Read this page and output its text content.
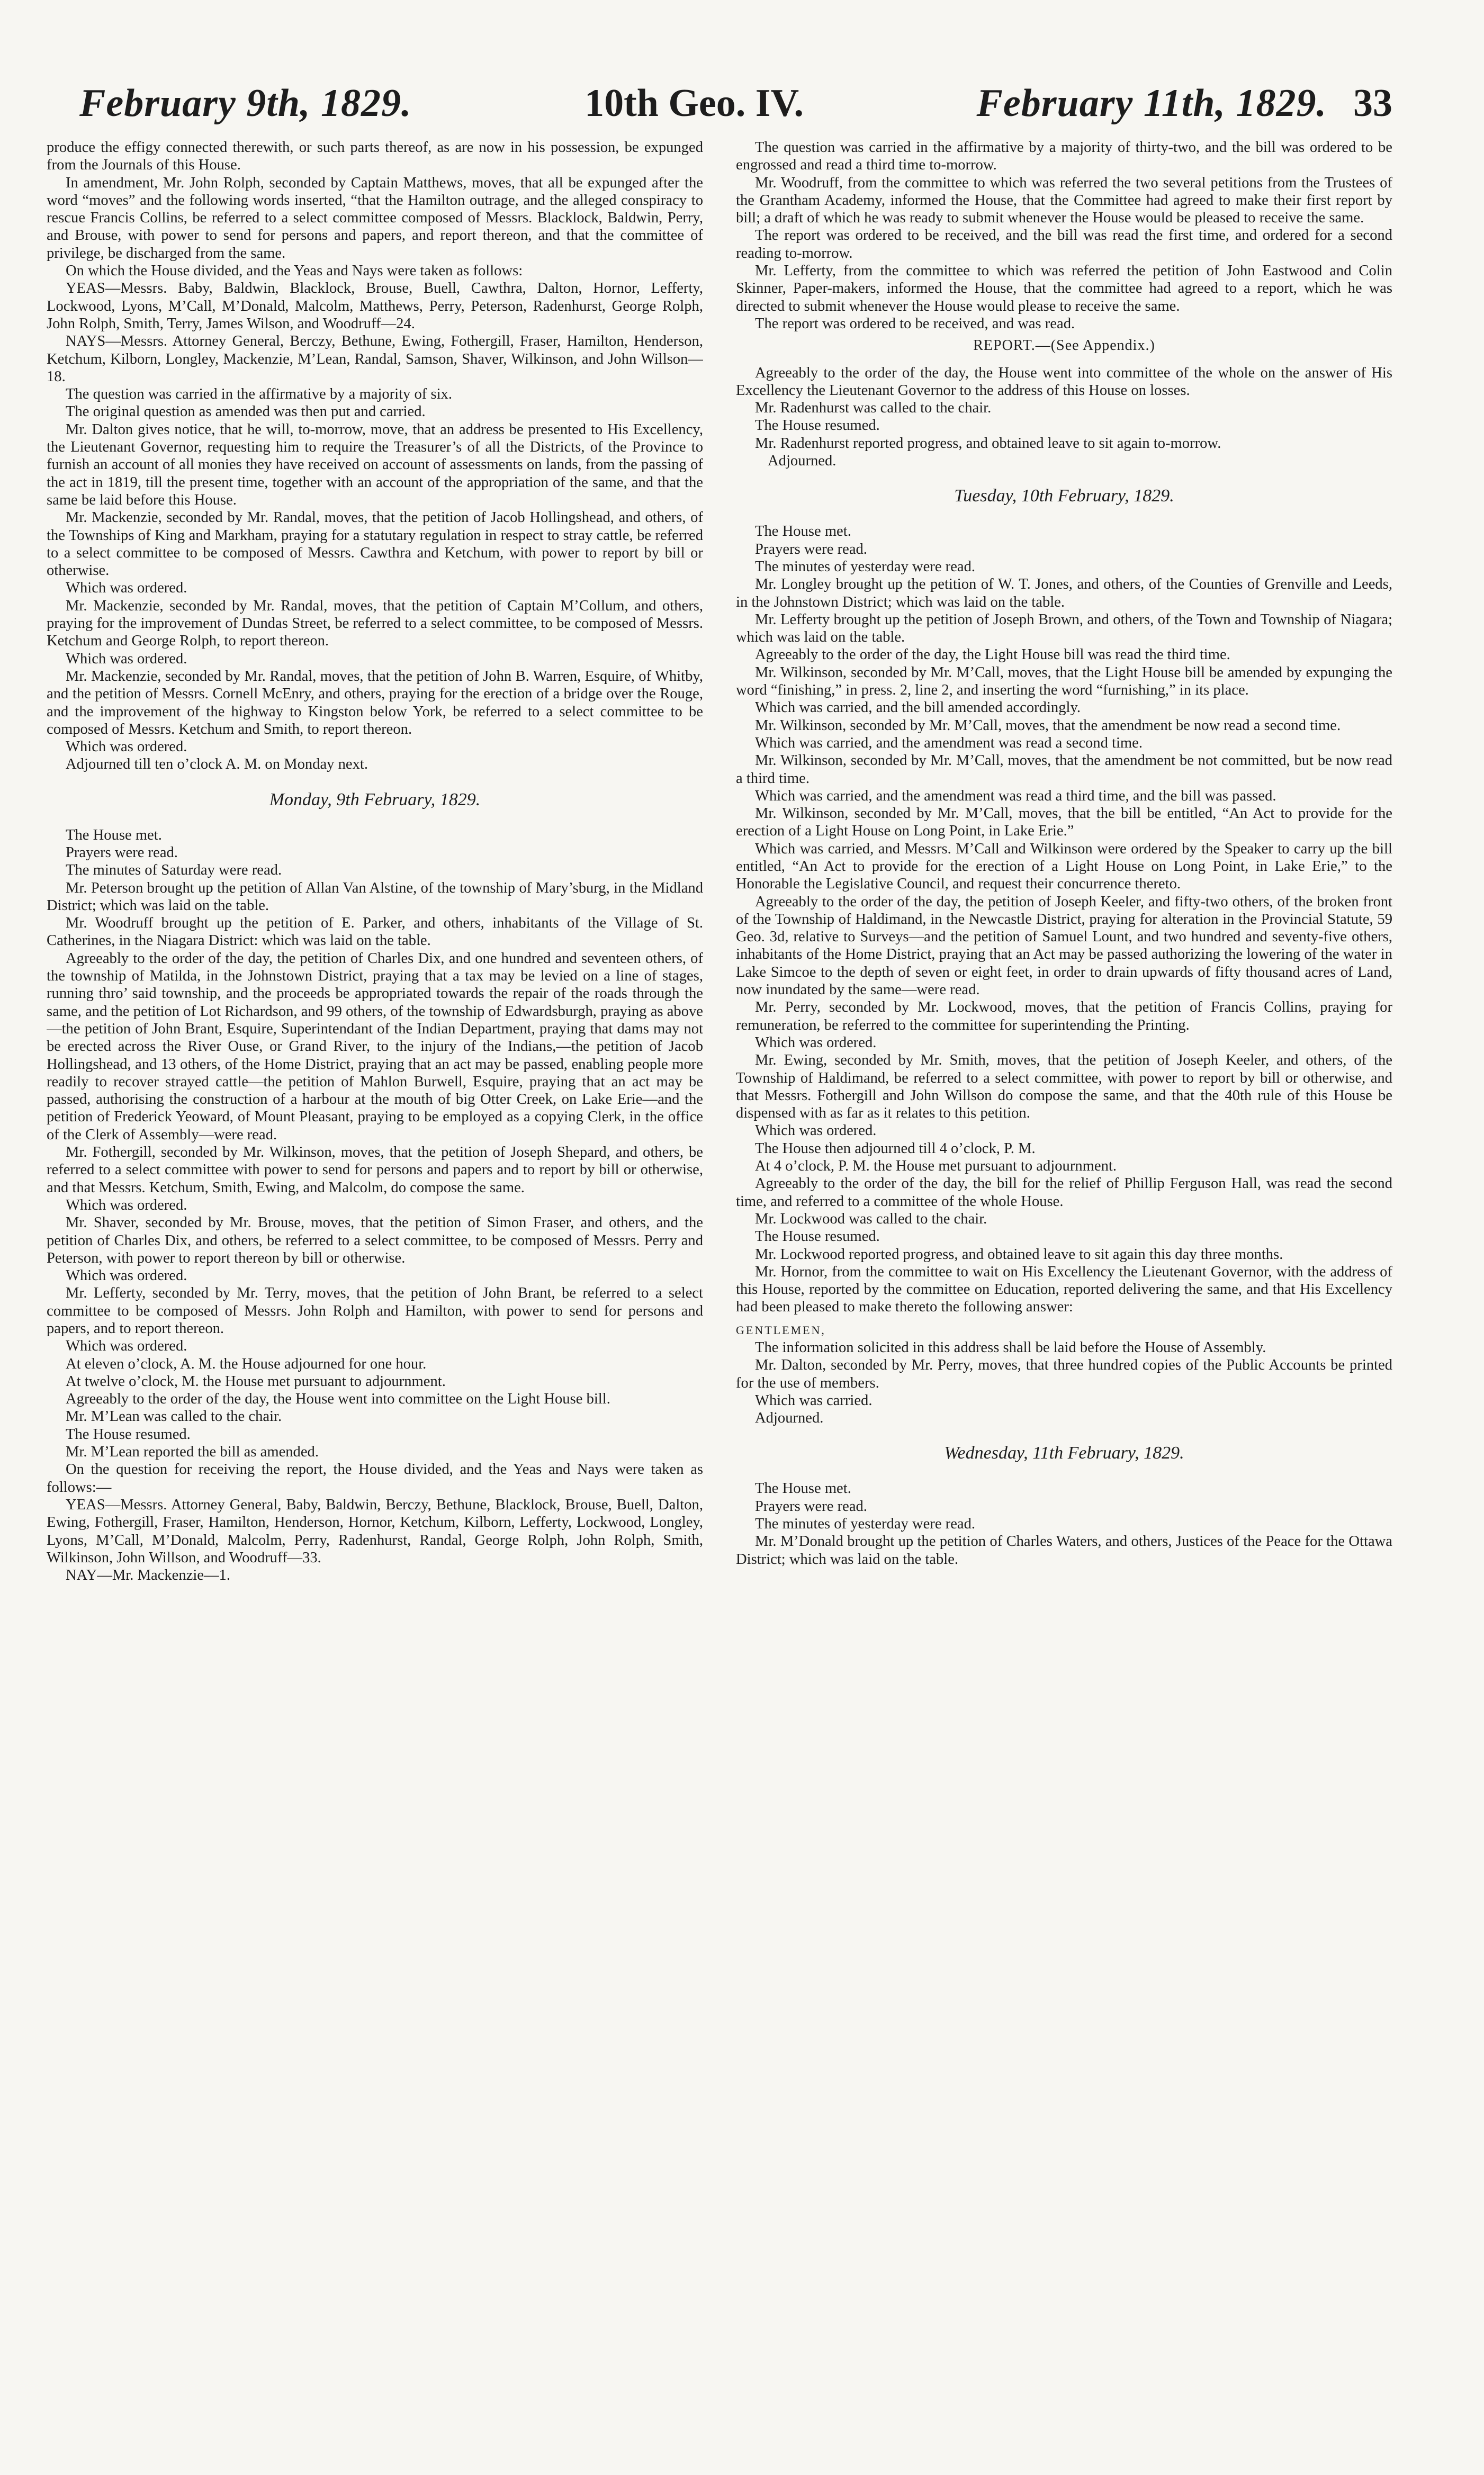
February 9th, 1829.	10th Geo. IV.	February 11th, 1829. 33

produce the effigy connected therewith, or such parts thereof, as are now in his possession, be expunged from the Journals of this House.

In amendment, Mr. John Rolph, seconded by Captain Matthews, moves, that all be expunged after the word “moves” and the following words inserted, “that the Hamilton outrage, and the alleged conspiracy to rescue Francis Collins, be referred to a select committee composed of Messrs. Blacklock, Baldwin, Perry, and Brouse, with power to send for persons and papers, and report thereon, and that the committee of privilege, be discharged from the same.

On which the House divided, and the Yeas and Nays were taken as follows:

YEAS—Messrs. Baby, Baldwin, Blacklock, Brouse, Buell, Cawthra, Dalton, Hornor, Lefferty, Lockwood, Lyons, M’Call, M’Donald, Malcolm, Matthews, Perry, Peterson, Radenhurst, George Rolph, John Rolph, Smith, Terry, James Wilson, and Woodruff—24.

NAYS—Messrs. Attorney General, Berczy, Bethune, Ewing, Fothergill, Fraser, Hamilton, Henderson, Ketchum, Kilborn, Longley, Mackenzie, M’Lean, Randal, Samson, Shaver, Wilkinson, and John Willson—18.

The question was carried in the affirmative by a majority of six.

The original question as amended was then put and carried.

Mr. Dalton gives notice, that he will, to-morrow, move, that an address be presented to His Excellency, the Lieutenant Governor, requesting him to require the Treasurer’s of all the Districts, of the Province to furnish an account of all monies they have received on account of assessments on lands, from the passing of the act in 1819, till the present time, together with an account of the appropriation of the same, and that the same be laid before this House.

Mr. Mackenzie, seconded by Mr. Randal, moves, that the petition of Jacob Hollingshead, and others, of the Townships of King and Markham, praying for a statutary regulation in respect to stray cattle, be referred to a select committee to be composed of Messrs. Cawthra and Ketchum, with power to report by bill or otherwise.

Which was ordered.

Mr. Mackenzie, seconded by Mr. Randal, moves, that the petition of Captain M’Collum, and others, praying for the improvement of Dundas Street, be referred to a select committee, to be composed of Messrs. Ketchum and George Rolph, to report thereon.

Which was ordered.

Mr. Mackenzie, seconded by Mr. Randal, moves, that the petition of John B. Warren, Esquire, of Whitby, and the petition of Messrs. Cornell McEnry, and others, praying for the erection of a bridge over the Rouge, and the improvement of the highway to Kingston below York, be referred to a select committee to be composed of Messrs. Ketchum and Smith, to report thereon.

Which was ordered.

Adjourned till ten o’clock A. M. on Monday next.

Monday, 9th February, 1829.

The House met.

Prayers were read.

The minutes of Saturday were read.

Mr. Peterson brought up the petition of Allan Van Alstine, of the township of Mary’sburg, in the Midland District; which was laid on the table.

Mr. Woodruff brought up the petition of E. Parker, and others, inhabitants of the Village of St. Catherines, in the Niagara District: which was laid on the table.

Agreeably to the order of the day, the petition of Charles Dix, and one hundred and seventeen others, of the township of Matilda, in the Johnstown District, praying that a tax may be levied on a line of stages, running thro’ said township, and the proceeds be appropriated towards the repair of the roads through the same, and the petition of Lot Richardson, and 99 others, of the township of Edwardsburgh, praying as above—the petition of John Brant, Esquire, Superintendant of the Indian Department, praying that dams may not be erected across the River Ouse, or Grand River, to the injury of the Indians,—the petition of Jacob Hollingshead, and 13 others, of the Home District, praying that an act may be passed, enabling people more readily to recover strayed cattle—the petition of Mahlon Burwell, Esquire, praying that an act may be passed, authorising the construction of a harbour at the mouth of big Otter Creek, on Lake Erie—and the petition of Frederick Yeoward, of Mount Pleasant, praying to be employed as a copying Clerk, in the office of the Clerk of Assembly—were read.

Mr. Fothergill, seconded by Mr. Wilkinson, moves, that the petition of Joseph Shepard, and others, be referred to a select committee with power to send for persons and papers and to report by bill or otherwise, and that Messrs. Ketchum, Smith, Ewing, and Malcolm, do compose the same.

Which was ordered.

Mr. Shaver, seconded by Mr. Brouse, moves, that the petition of Simon Fraser, and others, and the petition of Charles Dix, and others, be referred to a select committee, to be composed of Messrs. Perry and Peterson, with power to report thereon by bill or otherwise.

Which was ordered.

Mr. Lefferty, seconded by Mr. Terry, moves, that the petition of John Brant, be referred to a select committee to be composed of Messrs. John Rolph and Hamilton, with power to send for persons and papers, and to report thereon.

Which was ordered.

At eleven o’clock, A. M. the House adjourned for one hour.

At twelve o’clock, M. the House met pursuant to adjournment.

Agreeably to the order of the day, the House went into committee on the Light House bill.

Mr. M’Lean was called to the chair.

The House resumed.

Mr. M’Lean reported the bill as amended.

On the question for receiving the report, the House divided, and the Yeas and Nays were taken as follows:—

YEAS—Messrs. Attorney General, Baby, Baldwin, Berczy, Bethune, Blacklock, Brouse, Buell, Dalton, Ewing, Fothergill, Fraser, Hamilton, Henderson, Hornor, Ketchum, Kilborn, Lefferty, Lockwood, Longley, Lyons, M’Call, M’Donald, Malcolm, Perry, Radenhurst, Randal, George Rolph, John Rolph, Smith, Wilkinson, John Willson, and Woodruff—33.

NAY—Mr. Mackenzie—1.

The question was carried in the affirmative by a majority of thirty-two, and the bill was ordered to be engrossed and read a third time to-morrow.

Mr. Woodruff, from the committee to which was referred the two several petitions from the Trustees of the Grantham Academy, informed the House, that the Committee had agreed to make their first report by bill; a draft of which he was ready to submit whenever the House would be pleased to receive the same.

The report was ordered to be received, and the bill was read the first time, and ordered for a second reading to-morrow.

Mr. Lefferty, from the committee to which was referred the petition of John Eastwood and Colin Skinner, Paper-makers, informed the House, that the committee had agreed to a report, which he was directed to submit whenever the House would please to receive the same.

The report was ordered to be received, and was read.

REPORT.—(See Appendix.)

Agreeably to the order of the day, the House went into committee of the whole on the answer of His Excellency the Lieutenant Governor to the address of this House on losses.

Mr. Radenhurst was called to the chair.

The House resumed.

Mr. Radenhurst reported progress, and obtained leave to sit again to-morrow.

Adjourned.

Tuesday, 10th February, 1829.

The House met.

Prayers were read.

The minutes of yesterday were read.

Mr. Longley brought up the petition of W. T. Jones, and others, of the Counties of Grenville and Leeds, in the Johnstown District; which was laid on the table.

Mr. Lefferty brought up the petition of Joseph Brown, and others, of the Town and Township of Niagara; which was laid on the table.

Agreeably to the order of the day, the Light House bill was read the third time.

Mr. Wilkinson, seconded by Mr. M’Call, moves, that the Light House bill be amended by expunging the word “finishing,” in press. 2, line 2, and inserting the word “furnishing,” in its place.

Which was carried, and the bill amended accordingly.

Mr. Wilkinson, seconded by Mr. M’Call, moves, that the amendment be now read a second time.

Which was carried, and the amendment was read a second time.

Mr. Wilkinson, seconded by Mr. M’Call, moves, that the amendment be not committed, but be now read a third time.

Which was carried, and the amendment was read a third time, and the bill was passed.

Mr. Wilkinson, seconded by Mr. M’Call, moves, that the bill be entitled, “An Act to provide for the erection of a Light House on Long Point, in Lake Erie.”

Which was carried, and Messrs. M’Call and Wilkinson were ordered by the Speaker to carry up the bill entitled, “An Act to provide for the erection of a Light House on Long Point, in Lake Erie,” to the Honorable the Legislative Council, and request their concurrence thereto.

Agreeably to the order of the day, the petition of Joseph Keeler, and fifty-two others, of the broken front of the Township of Haldimand, in the Newcastle District, praying for alteration in the Provincial Statute, 59 Geo. 3d, relative to Surveys—and the petition of Samuel Lount, and two hundred and seventy-five others, inhabitants of the Home District, praying that an Act may be passed authorizing the lowering of the water in Lake Simcoe to the depth of seven or eight feet, in order to drain upwards of fifty thousand acres of Land, now inundated by the same—were read.

Mr. Perry, seconded by Mr. Lockwood, moves, that the petition of Francis Collins, praying for remuneration, be referred to the committee for superintending the Printing.

Which was ordered.

Mr. Ewing, seconded by Mr. Smith, moves, that the petition of Joseph Keeler, and others, of the Township of Haldimand, be referred to a select committee, with power to report by bill or otherwise, and that Messrs. Fothergill and John Willson do compose the same, and that the 40th rule of this House be dispensed with as far as it relates to this petition.

Which was ordered.

The House then adjourned till 4 o’clock, P. M.

At 4 o’clock, P. M. the House met pursuant to adjournment.

Agreeably to the order of the day, the bill for the relief of Phillip Ferguson Hall, was read the second time, and referred to a committee of the whole House.

Mr. Lockwood was called to the chair.

The House resumed.

Mr. Lockwood reported progress, and obtained leave to sit again this day three months.

Mr. Hornor, from the committee to wait on His Excellency the Lieutenant Governor, with the address of this House, reported by the committee on Education, reported delivering the same, and that His Excellency had been pleased to make thereto the following answer:

GENTLEMEN,

The information solicited in this address shall be laid before the House of Assembly.

Mr. Dalton, seconded by Mr. Perry, moves, that three hundred copies of the Public Accounts be printed for the use of members.

Which was carried.

Adjourned.

Wednesday, 11th February, 1829.

The House met.

Prayers were read.

The minutes of yesterday were read.

Mr. M’Donald brought up the petition of Charles Waters, and others, Justices of the Peace for the Ottawa District; which was laid on the table.
